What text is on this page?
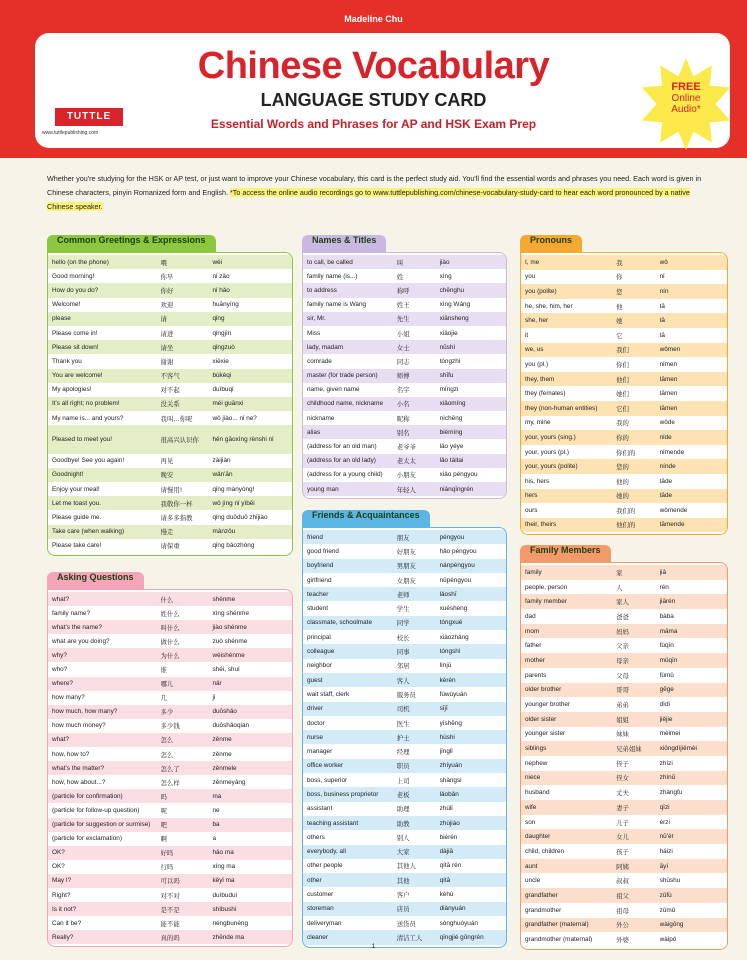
Madeline Chu
Chinese Vocabulary
LANGUAGE STUDY CARD
Essential Words and Phrases for AP and HSK Exam Prep
TUTTLE
www.tuttlepublishing.com
FREE
Online
Audio*
Whether you're studying for the HSK or AP test, or just want to improve your Chinese vocabulary, this card is the perfect study aid. You'll find the essential words and phrases you need. Each word is given in Chinese characters, pinyin Romanized form and English. *To access the online audio recordings go to www.tuttlepublishing.com/chinese-vocabulary-study-card to hear each word pronounced by a native Chinese speaker.
Common Greetings & Expressions
hello (on the phone)	喂	wéi
Good morning!	你早	nǐ zǎo
How do you do?	你好	nǐ hǎo
Welcome!	欢迎	huānyíng
please	请	qǐng
Please come in!	请进	qǐngjìn
Please sit down!	请坐	qǐngzuò
Thank you	谢谢	xièxie
You are welcome!	不客气	búkèqi
My apologies!	对不起	duìbuqǐ
It's all right; no problem!	没关系	méi guānxi
My name is... and yours?	我叫…你呢	wǒ jiào... nǐ ne?
Pleased to meet you!	很高兴认识你	hěn gāoxìng rènshi nǐ
Goodbye! See you again!	再见	zàijiàn
Goodnight!	晚安	wǎn'ān
Enjoy your meal!	请慢用!	qǐng mànyòng!
Let me toast you.	我敬你一杯	wǒ jìng nǐ yìbēi
Please guide me.	请多多指教	qǐng duōduō zhǐjiào
Take care (when walking)	慢走	mànzǒu
Please take care!	请保重	qǐng bǎozhòng
Asking Questions
what?	什么	shénme
family name?	姓什么	xìng shénme
what's the name?	叫什么	jiào shénme
what are you doing?	做什么	zuò shénme
why?	为什么	wèishénme
who?	谁	shéi, shuí
where?	哪儿	nǎr
how many?	几	jǐ
how much, how many?	多少	duōshǎo
how much money?	多少钱	duōshǎoqián
what?	怎么	zěnme
how, how to?	怎么	zěnme
what's the matter?	怎么了	zěnmele
how, how about...?	怎么样	zěnmeyàng
(particle for confirmation)	吗	ma
(particle for follow-up question)	呢	ne
(particle for suggestion or surmise)	吧	ba
(particle for exclamation)	啊	a
OK?	好吗	hǎo ma
OK?	行吗	xíng ma
May I?	可以吗	kěyǐ ma
Right?	对不对	duìbuduì
Is it not?	是不是	shìbushì
Can it be?	能不能	néngbunéng
Really?	真的吗	zhēnde ma
Names & Titles
to call, be called	叫	jiào
family name (is...)	姓	xìng
to address	称呼	chēnghu
family name is Wang	姓王	xìng Wáng
sir, Mr.	先生	xiānsheng
Miss	小姐	xiǎojie
lady, madam	女士	nǚshì
comrade	同志	tóngzhì
master (for trade person)	师傅	shīfu
name, given name	名字	míngzi
childhood name, nickname	小名	xiǎomíng
nickname	昵称	nìchēng
alias	别名	biémíng
(address for an old man)	老爷爷	lǎo yéye
(address for an old lady)	老太太	lǎo tàitai
(address for a young child)	小朋友	xiǎo péngyou
young man	年轻人	niánqīngrén
Friends & Acquaintances
friend	朋友	péngyou
good friend	好朋友	hǎo péngyou
boyfriend	男朋友	nánpéngyou
girlfriend	女朋友	nǚpéngyou
teacher	老师	lǎoshī
student	学生	xuésheng
classmate, schoolmate	同学	tóngxué
principal	校长	xiàozhǎng
colleague	同事	tóngshì
neighbor	邻居	línjū
guest	客人	kèrén
wait staff, clerk	服务员	fúwùyuán
driver	司机	sījī
doctor	医生	yīshēng
nurse	护士	hùshi
manager	经理	jīnglǐ
office worker	职员	zhíyuán
boss, superior	上司	shàngsi
boss, business proprietor	老板	lǎobǎn
assistant	助理	zhùlǐ
teaching assistant	助教	zhùjiào
others	别人	biérén
everybody, all	大家	dàjiā
other people	其他人	qítā rén
other	其他	qítā
customer	客户	kèhù
storeman	店员	diànyuán
deliveryman	送货员	sònghuòyuán
cleaner	清洁工人	qīngjié gōngrén
Pronouns
I, me	我	wǒ
you	你	nǐ
you (polite)	您	nín
he, she, him, her	他	tā
she, her	她	tā
it	它	tā
we, us	我们	wǒmen
you (pl.)	你们	nǐmen
they, them	他们	tāmen
they (females)	她们	tāmen
they (non-human entities)	它们	tāmen
my, mine	我的	wǒde
your, yours (sing.)	你的	nǐde
your, yours (pl.)	你们的	nǐmende
your, yours (polite)	您的	nínde
his, hers	他的	tāde
hers	她的	tāde
ours	我们的	wǒmende
their, theirs	他们的	tāmende
Family Members
family	家	jiā
people, person	人	rén
family member	家人	jiārén
dad	爸爸	bàba
mom	妈妈	māma
father	父亲	fùqīn
mother	母亲	mǔqīn
parents	父母	fùmǔ
older brother	哥哥	gēge
younger brother	弟弟	dìdi
older sister	姐姐	jiějie
younger sister	妹妹	mèimei
siblings	兄弟姐妹	xiōngdìjiěmèi
nephew	侄子	zhízi
niece	侄女	zhínǚ
husband	丈夫	zhàngfu
wife	妻子	qīzi
son	儿子	érzi
daughter	女儿	nǚ'ér
child, children	孩子	háizi
aunt	阿姨	āyí
uncle	叔叔	shūshu
grandfather	祖父	zǔfù
grandmother	祖母	zǔmǔ
grandfather (maternal)	外公	wàigōng
grandmother (maternal)	外婆	wàipó
1
